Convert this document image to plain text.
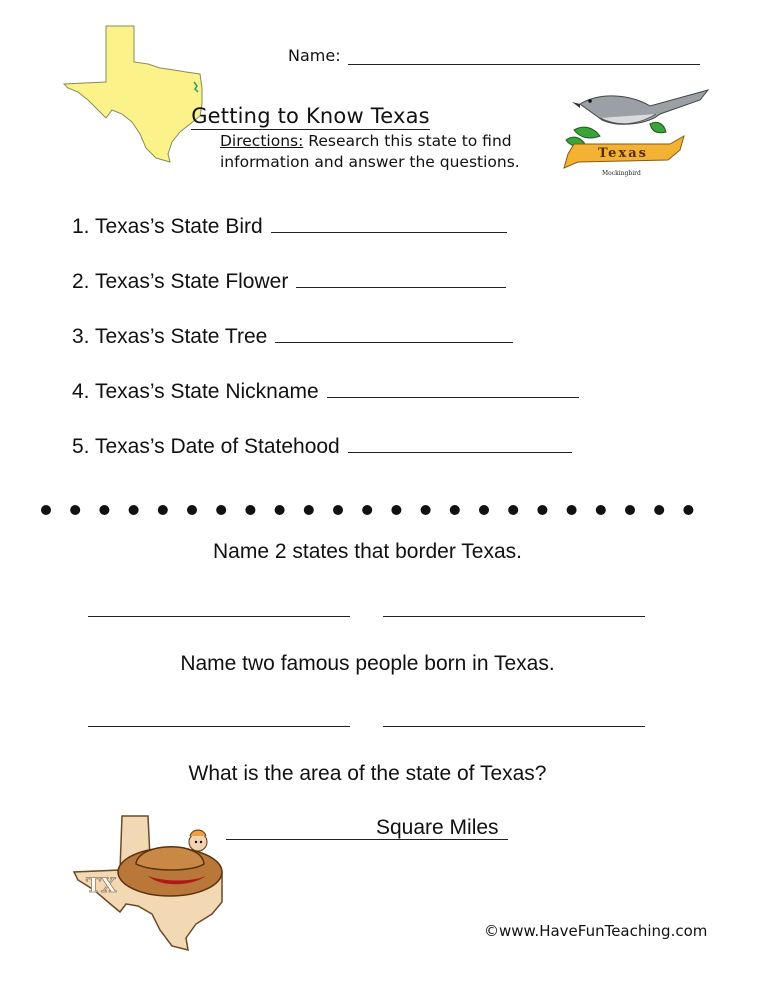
Name:
Getting to Know Texas
Directions: Research this state to find
information and answer the questions.	Texas
Mockingbird
1. Texas’s State Bird
2. Texas’s State Flower
3. Texas’s State Tree
4. Texas’s State Nickname
5. Texas’s Date of Statehood
Name 2 states that border Texas.
Name two famous people born in Texas.
What is the area of the state of Texas?
Square Miles
TX
©www.HaveFunTeaching.com
